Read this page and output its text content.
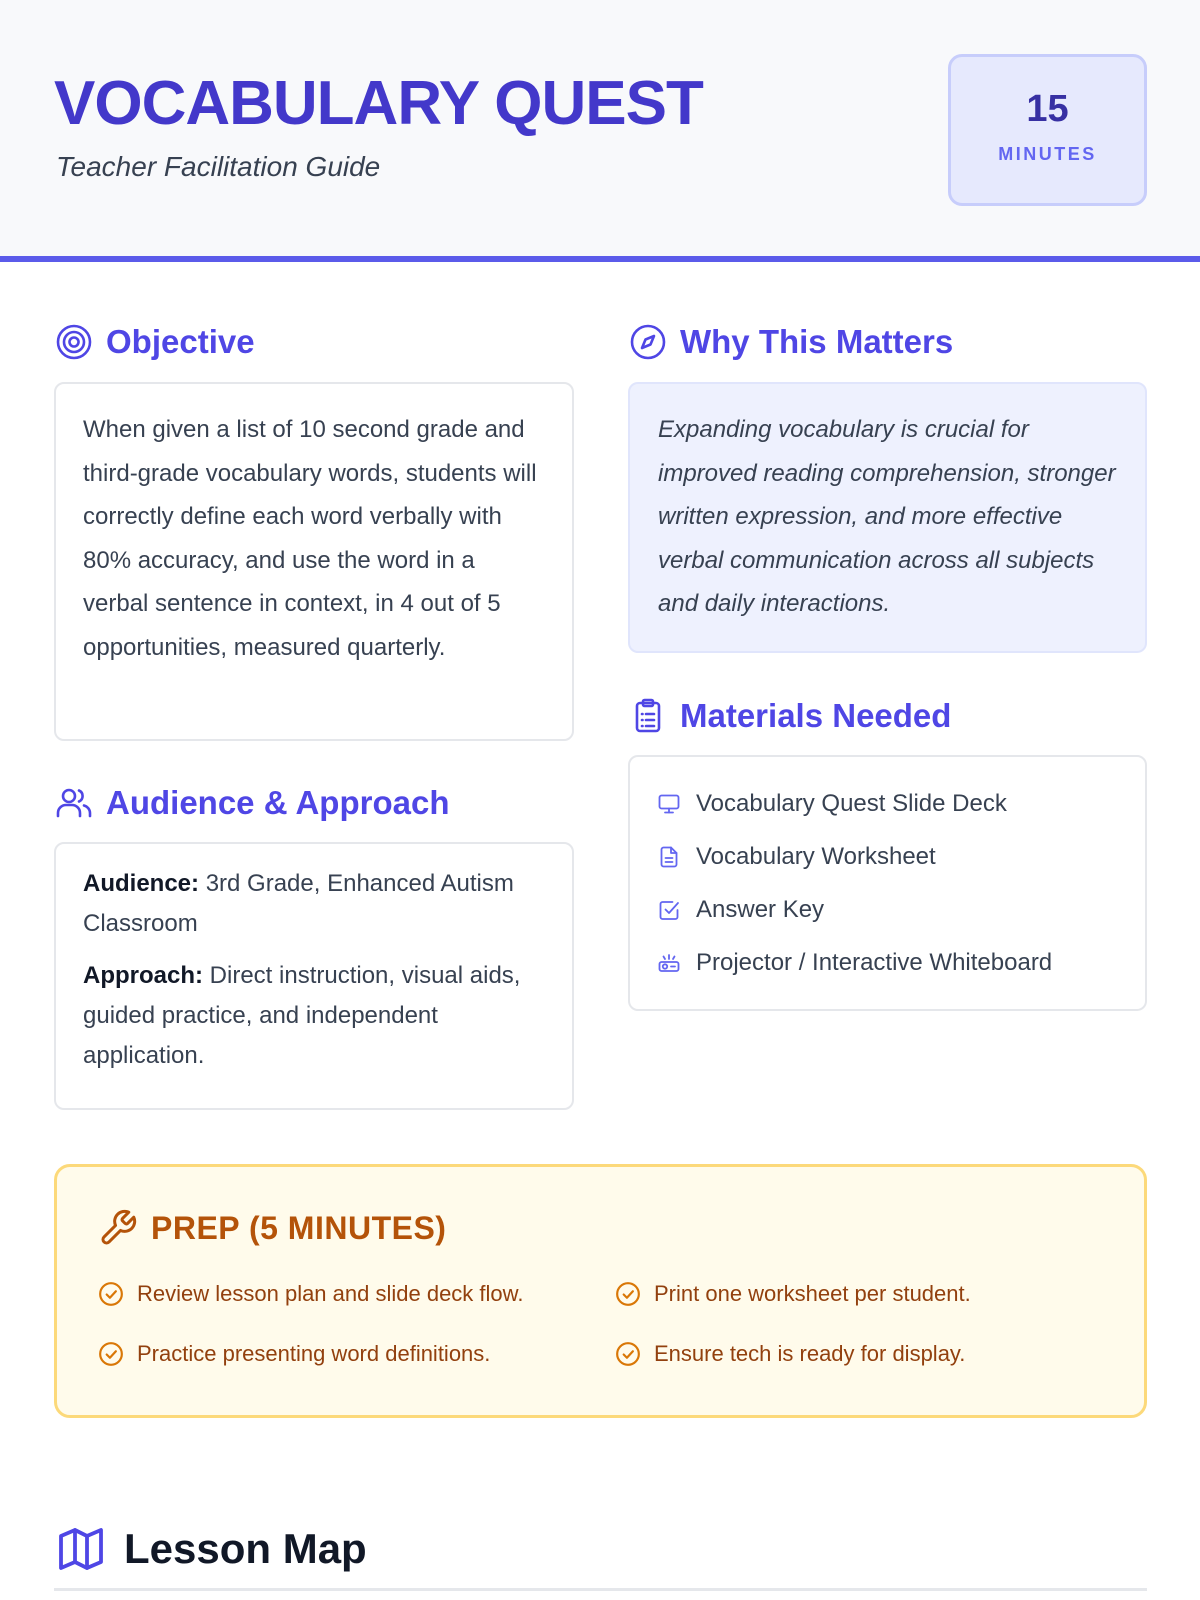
VOCABULARY QUEST
Teacher Facilitation Guide
15
MINUTES
Objective

When given a list of 10 second grade and third-grade vocabulary words, students will correctly define each word verbally with 80% accuracy, and use the word in a verbal sentence in context, in 4 out of 5 opportunities, measured quarterly.

Why This Matters

Expanding vocabulary is crucial for improved reading comprehension, stronger written expression, and more effective verbal communication across all subjects and daily interactions.

Materials Needed
Vocabulary Quest Slide Deck
Vocabulary Worksheet
Answer Key
Projector / Interactive Whiteboard
Audience & Approach

Audience: 3rd Grade, Enhanced Autism Classroom

Approach: Direct instruction, visual aids, guided practice, and independent application.

PREP (5 MINUTES)
Review lesson plan and slide deck flow.	Print one worksheet per student.
Practice presenting word definitions.	Ensure tech is ready for display.
Lesson Map
